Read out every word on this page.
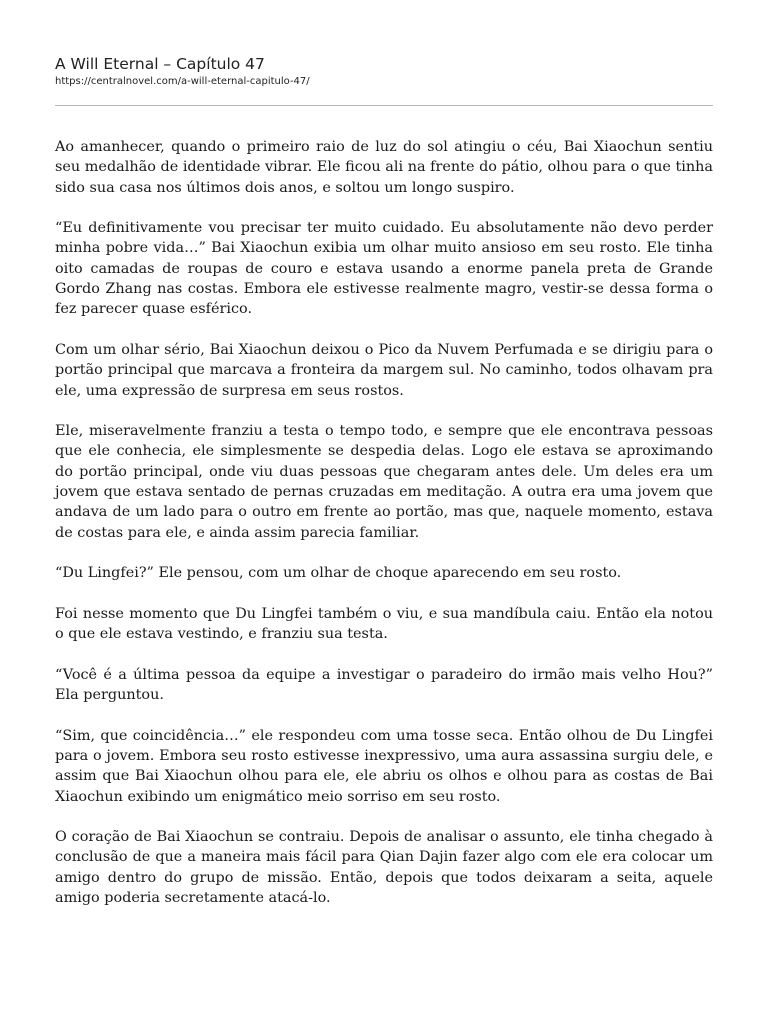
A Will Eternal – Capítulo 47
https://centralnovel.com/a-will-eternal-capitulo-47/

Ao amanhecer, quando o primeiro raio de luz do sol atingiu o céu, Bai Xiaochun sentiu seu medalhão de identidade vibrar. Ele ficou ali na frente do pátio, olhou para o que tinha sido sua casa nos últimos dois anos, e soltou um longo suspiro.

“Eu definitivamente vou precisar ter muito cuidado. Eu absolutamente não devo perder minha pobre vida…” Bai Xiaochun exibia um olhar muito ansioso em seu rosto. Ele tinha oito camadas de roupas de couro e estava usando a enorme panela preta de Grande Gordo Zhang nas costas. Embora ele estivesse realmente magro, vestir-se dessa forma o fez parecer quase esférico.

Com um olhar sério, Bai Xiaochun deixou o Pico da Nuvem Perfumada e se dirigiu para o portão principal que marcava a fronteira da margem sul. No caminho, todos olhavam pra ele, uma expressão de surpresa em seus rostos.

Ele, miseravelmente franziu a testa o tempo todo, e sempre que ele encontrava pessoas que ele conhecia, ele simplesmente se despedia delas. Logo ele estava se aproximando do portão principal, onde viu duas pessoas que chegaram antes dele. Um deles era um jovem que estava sentado de pernas cruzadas em meditação. A outra era uma jovem que andava de um lado para o outro em frente ao portão, mas que, naquele momento, estava de costas para ele, e ainda assim parecia familiar.

“Du Lingfei?” Ele pensou, com um olhar de choque aparecendo em seu rosto.

Foi nesse momento que Du Lingfei também o viu, e sua mandíbula caiu. Então ela notou o que ele estava vestindo, e franziu sua testa.

“Você é a última pessoa da equipe a investigar o paradeiro do irmão mais velho Hou?” Ela perguntou.

“Sim, que coincidência…” ele respondeu com uma tosse seca. Então olhou de Du Lingfei para o jovem. Embora seu rosto estivesse inexpressivo, uma aura assassina surgiu dele, e assim que Bai Xiaochun olhou para ele, ele abriu os olhos e olhou para as costas de Bai Xiaochun exibindo um enigmático meio sorriso em seu rosto.

O coração de Bai Xiaochun se contraiu. Depois de analisar o assunto, ele tinha chegado à conclusão de que a maneira mais fácil para Qian Dajin fazer algo com ele era colocar um amigo dentro do grupo de missão. Então, depois que todos deixaram a seita, aquele amigo poderia secretamente atacá-lo.
